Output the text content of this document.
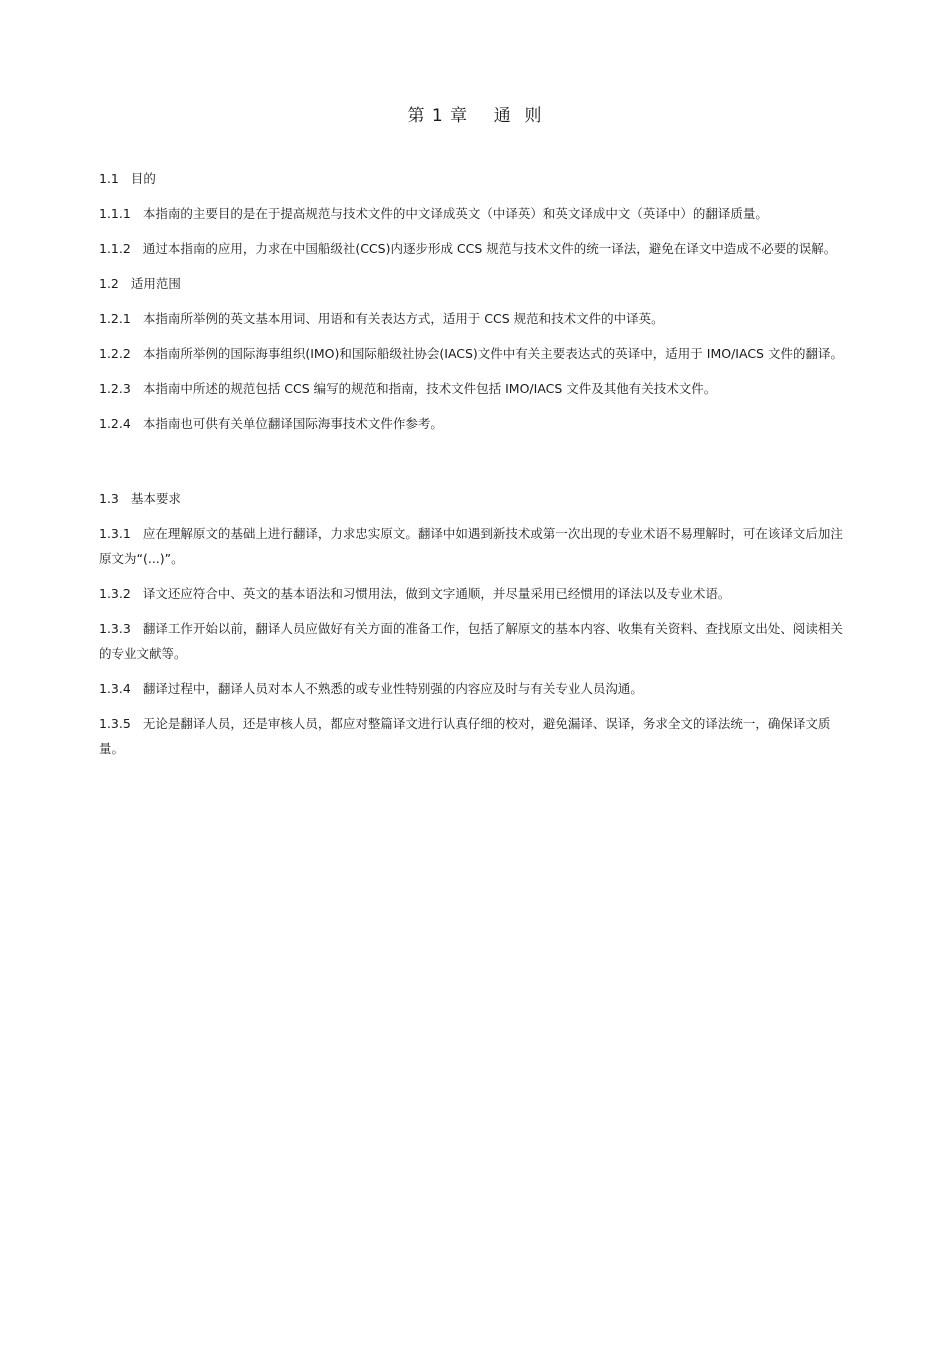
第 1 章    通  则
1.1 目的
1.1.1 本指南的主要目的是在于提高规范与技术文件的中文译成英文（中译英）和英文译成中文（英译中）的翻译质量。
1.1.2 通过本指南的应用，力求在中国船级社(CCS)内逐步形成 CCS 规范与技术文件的统一译法，避免在译文中造成不必要的误解。
1.2 适用范围
1.2.1 本指南所举例的英文基本用词、用语和有关表达方式，适用于 CCS 规范和技术文件的中译英。
1.2.2 本指南所举例的国际海事组织(IMO)和国际船级社协会(IACS)文件中有关主要表达式的英译中，适用于 IMO/IACS 文件的翻译。
1.2.3 本指南中所述的规范包括 CCS 编写的规范和指南，技术文件包括 IMO/IACS 文件及其他有关技术文件。
1.2.4 本指南也可供有关单位翻译国际海事技术文件作参考。
1.3 基本要求
1.3.1 应在理解原文的基础上进行翻译，力求忠实原文。翻译中如遇到新技术或第一次出现的专业术语不易理解时，可在该译文后加注原文为“(...)”。
1.3.2 译文还应符合中、英文的基本语法和习惯用法，做到文字通顺，并尽量采用已经惯用的译法以及专业术语。
1.3.3 翻译工作开始以前，翻译人员应做好有关方面的准备工作，包括了解原文的基本内容、收集有关资料、查找原文出处、阅读相关的专业文献等。
1.3.4 翻译过程中，翻译人员对本人不熟悉的或专业性特别强的内容应及时与有关专业人员沟通。
1.3.5 无论是翻译人员，还是审核人员，都应对整篇译文进行认真仔细的校对，避免漏译、误译，务求全文的译法统一，确保译文质量。
